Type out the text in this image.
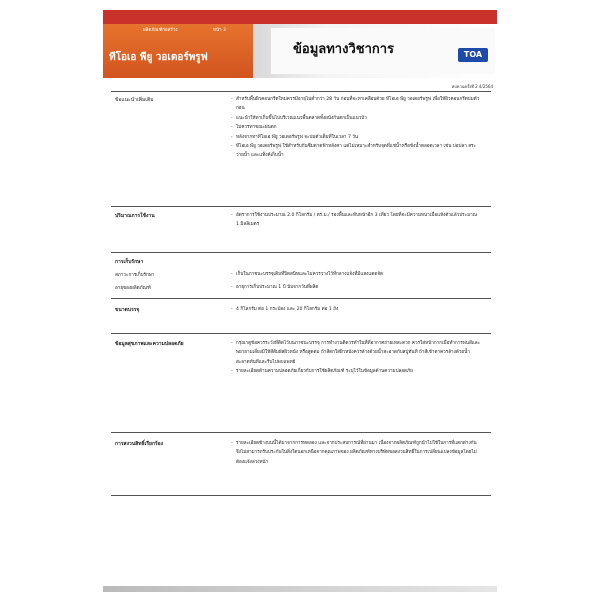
ผลิตภัณฑ์ก่อสร้าง	หน้า 3
ทีโอเอ พียู วอเตอร์พรูฟ
ข้อมูลทางวิชาการ	TOA
ทบทวนครั้งที่ 2 4/2564
ข้อแนะนำเพิ่มเติม	- สำหรับพื้นผิวคอนกรีตใหม่ควรมีอายุไม่ต่ำกว่า 28 วัน ก่อนที่จะทาเคลือบด้วย ทีโอเอ พียู วอเตอร์พรูฟ เพื่อให้ผิวคอนกรีตบ่มตัวก่อน
- แนะนำให้ทาเก็บขึ้นไปบริเวณแนวพื้นตลาดทั้งผนังกันตกเป็นแนวบัว
- ไม่ควรทาขณะฝนตก
- หลังจากทาทีโอเอ พียู วอเตอร์พรูฟ จะบ่มตัวเต็มที่ในเวลา 7 วัน
- ทีโอเอ พียู วอเตอร์พรูฟ ใช้สำหรับกันซึมดาดฟ้าหลังคา แต่ไม่เหมาะสำหรับจุดที่แช่น้ำหรือขังน้ำตลอดเวลา เช่น บ่อปลา สระว่ายน้ำ และแท็งค์เก็บน้ำ
ปริมาณการใช้งาน	- อัตราการใช้งานประมาณ 2.0 กิโลกรัม / ตร.ม./ รองพื้นและทับหน้าอีก 3 เที่ยว โดยที่จะมีความหนาเมื่อแห้งตัวแล้วประมาณ 1 มิลลิเมตร
การเก็บรักษา
สภาวะการเก็บรักษา	- เก็บในภาชนะบรรจุเดิมที่ปิดสนิทและไม่ควรวางไว้ที่กลางแจ้งที่มีแสงแดดจัด
อายุของผลิตภัณฑ์	- อายุการเก็บประมาณ 1 ปี นับจากวันที่ผลิต
ขนาดบรรจุ	- 4 กิโลกรัม ต่อ 1 กระป๋อง และ 20 กิโลกรัม ต่อ 1 ถัง
ข้อมูลสุขภาพและความปลอดภัย	- กรุณาดูข้อควรระวังที่ติดไว้บนภาชนะบรรจุ การทำงานติดวรทำในที่ที่อากาศถ่ายเทสะดวก ควรใส่หน้ากากเมื่อทำการพ่นสีและพยายามเลี่ยงมิให้สีสัมผัสผิวหนัง หรือสูดดม ถ้าสีตกใส่ผิวหนังควรล้างด้วยน้ำสะอาดกับสบู่ทันที ถ้าสีเข้าตาควรล้างด้วยน้ำสะอาดทันทีและรีบไปพบแพทย์
- รายละเอียดด้านความปลอดภัยเกี่ยวกับการใช้ผลิตภัณฑ์ ระบุไว้ในข้อมูลด้านความปลอดภัย
การสงวนสิทธิ์เรียกร้อง	- รายละเอียดข้างบนนี้ได้มาจากการทดลอง และจากประสบการณ์ที่ผ่านมา เนื่องจากผลิตภัณฑ์ถูกนำไปใช้ในการที่แตกต่างกัน จึงไม่สามารถรับประกันในสิ่งใดนอกเหนือจากคุณภาพของ ผลิตภัณฑ์ทางบริษัทขอสงวนสิทธิ์ในการเปลี่ยนแปลงข้อมูลโดยไม่ต้องแจ้งล่วงหน้า
